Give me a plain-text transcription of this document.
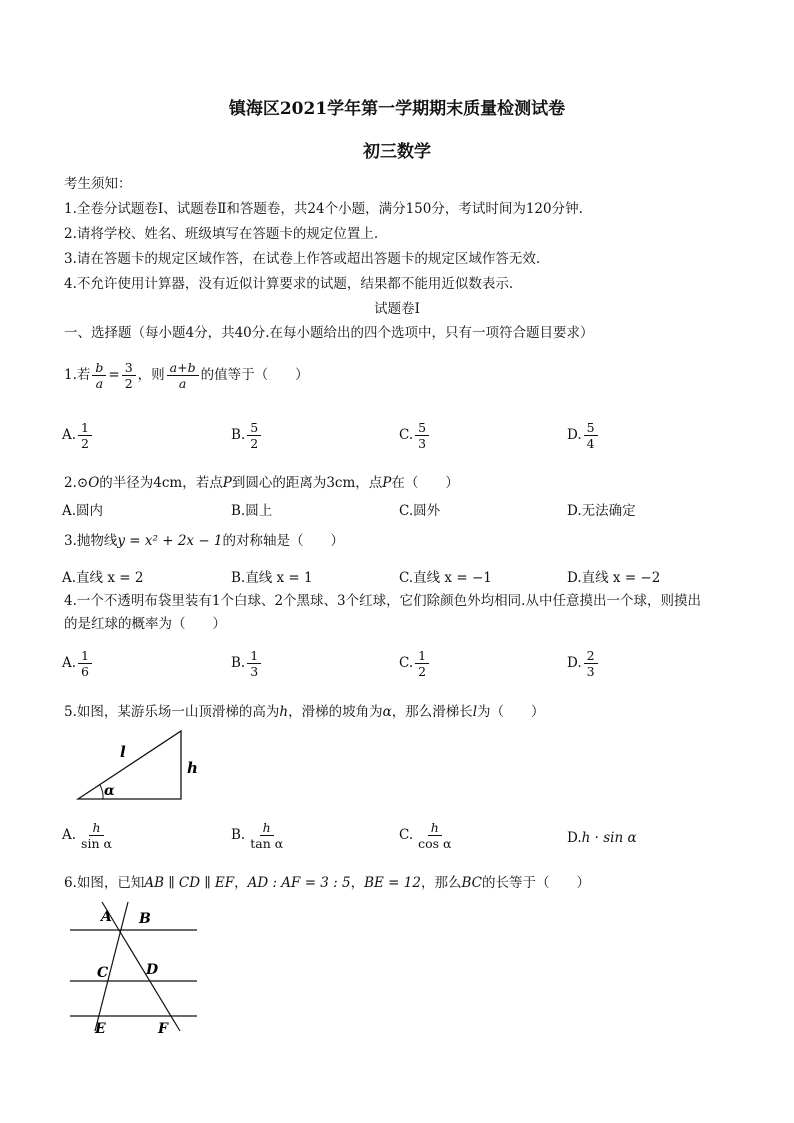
镇海区2021学年第一学期期末质量检测试卷
初三数学
考生须知：
1.全卷分试题卷Ⅰ、试题卷Ⅱ和答题卷，共24个小题，满分150分，考试时间为120分钟.
2.请将学校、姓名、班级填写在答题卡的规定位置上.
3.请在答题卡的规定区域作答，在试卷上作答或超出答题卡的规定区域作答无效.
4.不允许使用计算器，没有近似计算要求的试题，结果都不能用近似数表示.
试题卷Ⅰ
一、选择题（每小题4分，共40分.在每小题给出的四个选项中，只有一项符合题目要求）
1.若 $\frac{b}{a} = \frac{3}{2}$ ，则 $\frac{a+b}{a}$ 的值等于（　　）
A. $\frac{1}{2}$	B. $\frac{5}{2}$	C. $\frac{5}{3}$	D. $\frac{5}{4}$
2.⊙O的半径为4cm，若点P到圆心的距离为3cm，点P在（　　）
A.圆内	B.圆上	C.圆外	D.无法确定
3.抛物线y = x² + 2x − 1的对称轴是（　　）
A.直线 x = 2	B.直线 x = 1	C.直线 x = −1	D.直线 x = −2
4.一个不透明布袋里装有1个白球、2个黑球、3个红球，它们除颜色外均相同.从中任意摸出一个球，则摸出
的是红球的概率为（　　）
A. $\frac{1}{6}$	B. $\frac{1}{3}$	C. $\frac{1}{2}$	D. $\frac{2}{3}$
5.如图，某游乐场一山顶滑梯的高为h，滑梯的坡角为α，那么滑梯长l为（　　）
l
h
α
A. $\frac{h}{\text{sin α}}$	B. $\frac{h}{\text{tan α}}$	C. $\frac{h}{\text{cos α}}$	D.h · sin α
6.如图，已知AB ∥ CD ∥ EF，AD : AF = 3 : 5，BE = 12，那么BC的长等于（　　）
A B
C	D
E	F
